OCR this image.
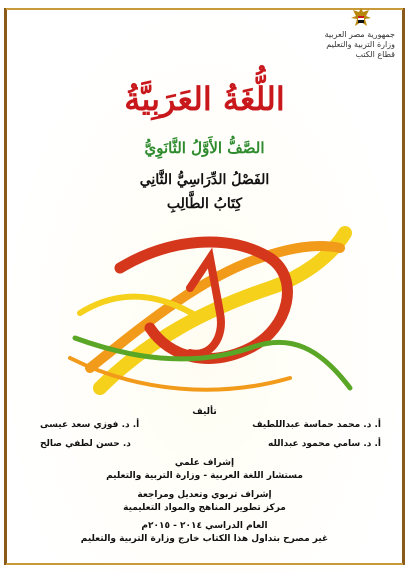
جمهورية مصر العربية
وزارة التربية والتعليم
قطاع الكتب
اللُّغَةُ العَرَبِيَّةُ
الصَّفُّ الأَوَّلُ الثَّانَوِيُّ
الفَصْلُ الدِّرَاسِيُّ الثَّانِي
كِتَابُ الطَّالِبِ
تأليف
أ. د. محمد حماسة عبداللطيف
أ. د. فوزي سعد عيسى
أ. د. سامي محمود عبدالله
د. حسن لطفي صالح
إشراف علمي
مستشار اللغة العربية - وزارة التربية والتعليم
إشراف تربوي وتعديل ومراجعة
مركز تطوير المناهج والمواد التعليمية
العام الدراسي ٢٠١٤ - ٢٠١٥م
غير مصرح بتداول هذا الكتاب خارج وزارة التربية والتعليم
